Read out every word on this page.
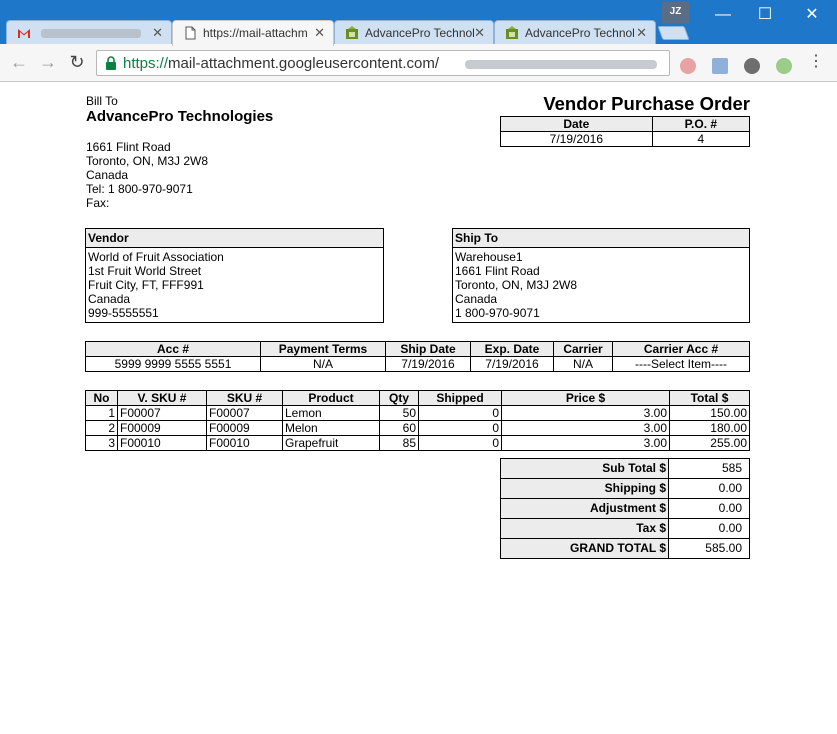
✕	https://mail-attachm ✕	AdvancePro Technol ✕	AdvancePro Technol ✕
JZ	—	☐	✕
← → ↻	https://mail-attachment.googleusercontent.com/	⋮
Bill To
AdvancePro Technologies
1661 Flint Road
Toronto, ON, M3J 2W8
Canada
Tel: 1 800-970-9071
Fax:
Vendor Purchase Order
Date	P.O. #
7/19/2016	4
Vendor
World of Fruit Association
1st Fruit World Street
Fruit City, FT, FFF991
Canada
999-5555551
Ship To
Warehouse1
1661 Flint Road
Toronto, ON, M3J 2W8
Canada
1 800-970-9071
Acc #	Payment Terms	Ship Date	Exp. Date	Carrier	Carrier Acc #
5999 9999 5555 5551	N/A	7/19/2016	7/19/2016	N/A	----Select Item----
No	V. SKU #	SKU #	Product	Qty	Shipped	Price $	Total $
1	F00007	F00007	Lemon	50	0	3.00	150.00
2	F00009	F00009	Melon	60	0	3.00	180.00
3	F00010	F00010	Grapefruit	85	0	3.00	255.00
Sub Total $	585
Shipping $	0.00
Adjustment $	0.00
Tax $	0.00
GRAND TOTAL $	585.00
